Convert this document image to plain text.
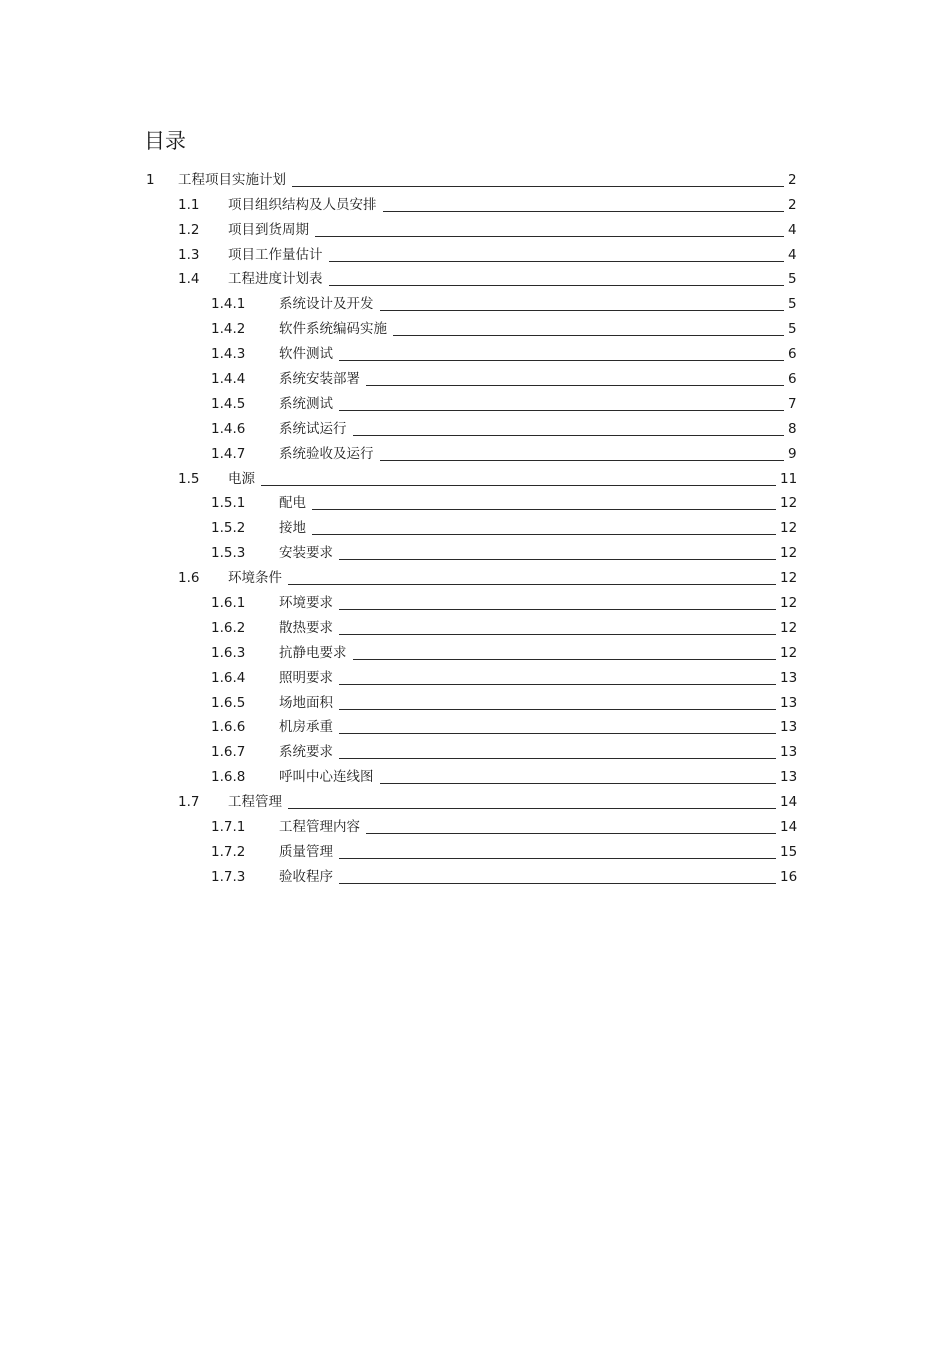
目录
1 工程项目实施计划	2
1.1 项目组织结构及人员安排	2
1.2 项目到货周期	4
1.3 项目工作量估计	4
1.4 工程进度计划表	5
1.4.1 系统设计及开发	5
1.4.2 软件系统编码实施	5
1.4.3 软件测试	6
1.4.4 系统安装部署	6
1.4.5 系统测试	7
1.4.6 系统试运行	8
1.4.7 系统验收及运行	9
1.5 电源	11
1.5.1 配电	12
1.5.2 接地	12
1.5.3 安装要求	12
1.6 环境条件	12
1.6.1 环境要求	12
1.6.2 散热要求	12
1.6.3 抗静电要求	12
1.6.4 照明要求	13
1.6.5 场地面积	13
1.6.6 机房承重	13
1.6.7 系统要求	13
1.6.8 呼叫中心连线图	13
1.7 工程管理	14
1.7.1 工程管理内容	14
1.7.2 质量管理	15
1.7.3 验收程序	16
